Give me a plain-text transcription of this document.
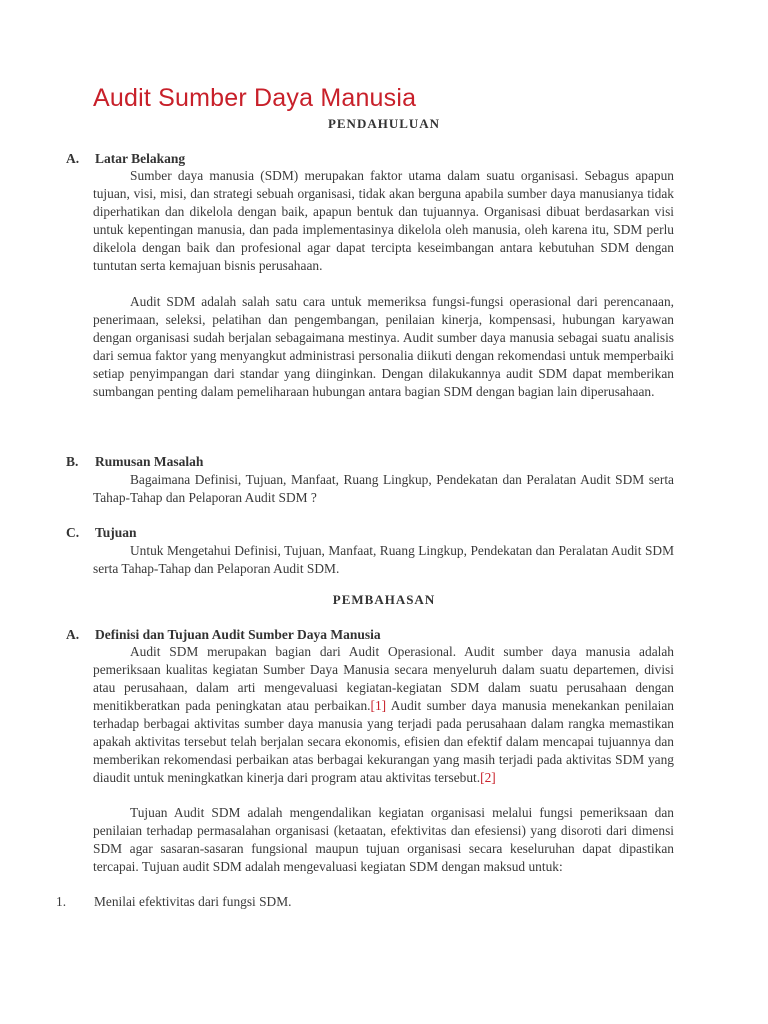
Audit Sumber Daya Manusia
PENDAHULUAN
A. Latar Belakang
Sumber daya manusia (SDM) merupakan faktor utama dalam suatu organisasi. Sebagus apapun tujuan, visi, misi, dan strategi sebuah organisasi, tidak akan berguna apabila sumber daya manusianya tidak diperhatikan dan dikelola dengan baik, apapun bentuk dan tujuannya. Organisasi dibuat berdasarkan visi untuk kepentingan manusia, dan pada implementasinya dikelola oleh manusia, oleh karena itu, SDM perlu dikelola dengan baik dan profesional agar dapat tercipta keseimbangan antara kebutuhan SDM dengan tuntutan serta kemajuan bisnis perusahaan.
Audit SDM adalah salah satu cara untuk memeriksa fungsi-fungsi operasional dari perencanaan, penerimaan, seleksi, pelatihan dan pengembangan, penilaian kinerja, kompensasi, hubungan karyawan dengan organisasi sudah berjalan sebagaimana mestinya. Audit sumber daya manusia sebagai suatu analisis dari semua faktor yang menyangkut administrasi personalia diikuti dengan rekomendasi untuk memperbaiki setiap penyimpangan dari standar yang diinginkan. Dengan dilakukannya audit SDM dapat memberikan sumbangan penting dalam pemeliharaan hubungan antara bagian SDM dengan bagian lain diperusahaan.
B. Rumusan Masalah
Bagaimana Definisi, Tujuan, Manfaat, Ruang Lingkup, Pendekatan dan Peralatan Audit SDM serta Tahap-Tahap dan Pelaporan Audit SDM ?
C. Tujuan
Untuk Mengetahui Definisi, Tujuan, Manfaat, Ruang Lingkup, Pendekatan dan Peralatan Audit SDM serta Tahap-Tahap dan Pelaporan Audit SDM.
PEMBAHASAN
A. Definisi dan Tujuan Audit Sumber Daya Manusia
Audit SDM merupakan bagian dari Audit Operasional. Audit sumber daya manusia adalah pemeriksaan kualitas kegiatan Sumber Daya Manusia secara menyeluruh dalam suatu departemen, divisi atau perusahaan, dalam arti mengevaluasi kegiatan-kegiatan SDM dalam suatu perusahaan dengan menitikberatkan pada peningkatan atau perbaikan.[1] Audit sumber daya manusia menekankan penilaian terhadap berbagai aktivitas sumber daya manusia yang terjadi pada perusahaan dalam rangka memastikan apakah aktivitas tersebut telah berjalan secara ekonomis, efisien dan efektif dalam mencapai tujuannya dan memberikan rekomendasi perbaikan atas berbagai kekurangan yang masih terjadi pada aktivitas SDM yang diaudit untuk meningkatkan kinerja dari program atau aktivitas tersebut.[2]
Tujuan Audit SDM adalah mengendalikan kegiatan organisasi melalui fungsi pemeriksaan dan penilaian terhadap permasalahan organisasi (ketaatan, efektivitas dan efesiensi) yang disoroti dari dimensi SDM agar sasaran-sasaran fungsional maupun tujuan organisasi secara keseluruhan dapat dipastikan tercapai. Tujuan audit SDM adalah mengevaluasi kegiatan SDM dengan maksud untuk:
1. Menilai efektivitas dari fungsi SDM.
